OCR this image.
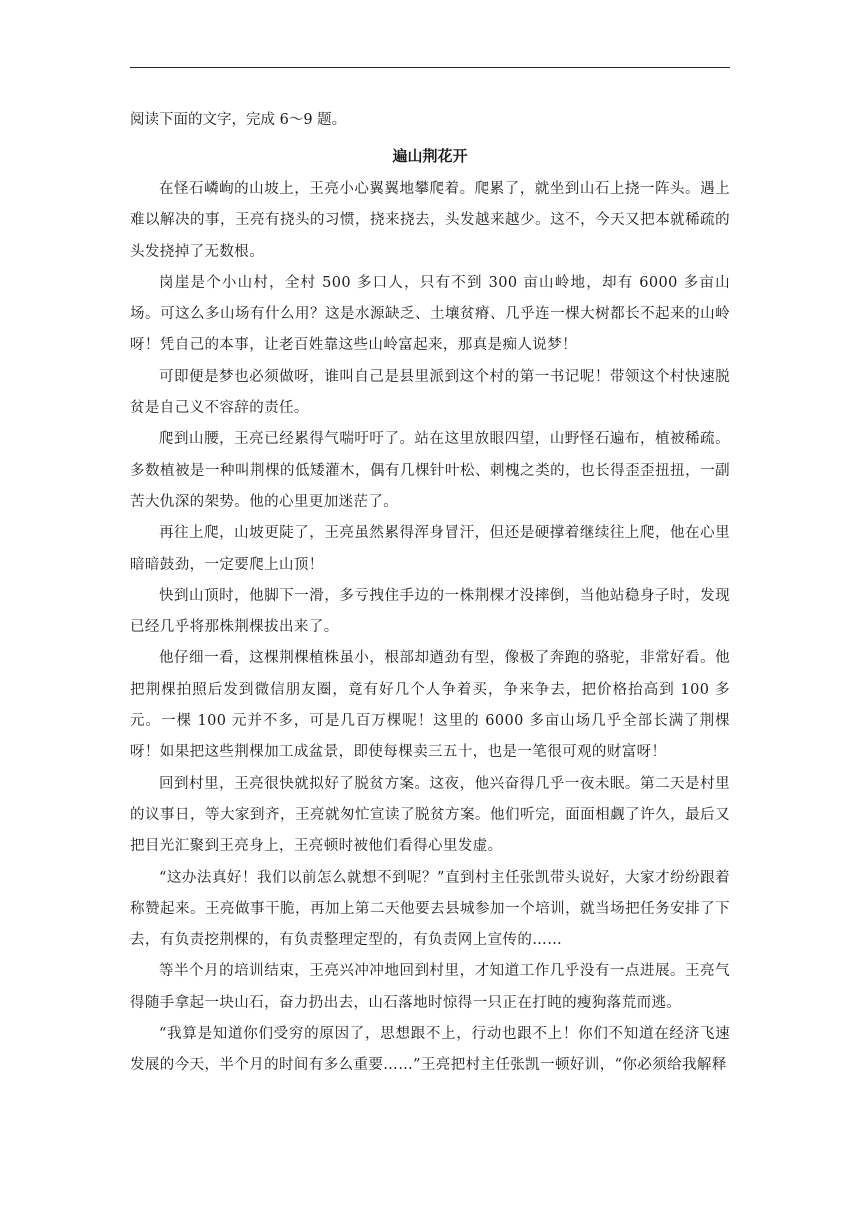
阅读下面的文字，完成 6～9 题。

遍山荆花开

在怪石嶙峋的山坡上，王亮小心翼翼地攀爬着。爬累了，就坐到山石上挠一阵头。遇上难以解决的事，王亮有挠头的习惯，挠来挠去，头发越来越少。这不，今天又把本就稀疏的头发挠掉了无数根。

岗崖是个小山村，全村 500 多口人，只有不到 300 亩山岭地，却有 6000 多亩山场。可这么多山场有什么用？这是水源缺乏、土壤贫瘠、几乎连一棵大树都长不起来的山岭呀！凭自己的本事，让老百姓靠这些山岭富起来，那真是痴人说梦！

可即便是梦也必须做呀，谁叫自己是县里派到这个村的第一书记呢！带领这个村快速脱贫是自己义不容辞的责任。

爬到山腰，王亮已经累得气喘吁吁了。站在这里放眼四望，山野怪石遍布，植被稀疏。多数植被是一种叫荆棵的低矮灌木，偶有几棵针叶松、刺槐之类的，也长得歪歪扭扭，一副苦大仇深的架势。他的心里更加迷茫了。

再往上爬，山坡更陡了，王亮虽然累得浑身冒汗，但还是硬撑着继续往上爬，他在心里暗暗鼓劲，一定要爬上山顶！

快到山顶时，他脚下一滑，多亏拽住手边的一株荆棵才没摔倒，当他站稳身子时，发现已经几乎将那株荆棵拔出来了。

他仔细一看，这棵荆棵植株虽小，根部却遒劲有型，像极了奔跑的骆驼，非常好看。他把荆棵拍照后发到微信朋友圈，竟有好几个人争着买，争来争去，把价格抬高到 100 多元。一棵 100 元并不多，可是几百万棵呢！这里的 6000 多亩山场几乎全部长满了荆棵呀！如果把这些荆棵加工成盆景，即使每棵卖三五十，也是一笔很可观的财富呀！

回到村里，王亮很快就拟好了脱贫方案。这夜，他兴奋得几乎一夜未眠。第二天是村里的议事日，等大家到齐，王亮就匆忙宣读了脱贫方案。他们听完，面面相觑了许久，最后又把目光汇聚到王亮身上，王亮顿时被他们看得心里发虚。

“这办法真好！我们以前怎么就想不到呢？”直到村主任张凯带头说好，大家才纷纷跟着称赞起来。王亮做事干脆，再加上第二天他要去县城参加一个培训，就当场把任务安排了下去，有负责挖荆棵的，有负责整理定型的，有负责网上宣传的……

等半个月的培训结束，王亮兴冲冲地回到村里，才知道工作几乎没有一点进展。王亮气得随手拿起一块山石，奋力扔出去，山石落地时惊得一只正在打盹的瘦狗落荒而逃。

“我算是知道你们受穷的原因了，思想跟不上，行动也跟不上！你们不知道在经济飞速发展的今天，半个月的时间有多么重要……”王亮把村主任张凯一顿好训，“你必须给我解释
